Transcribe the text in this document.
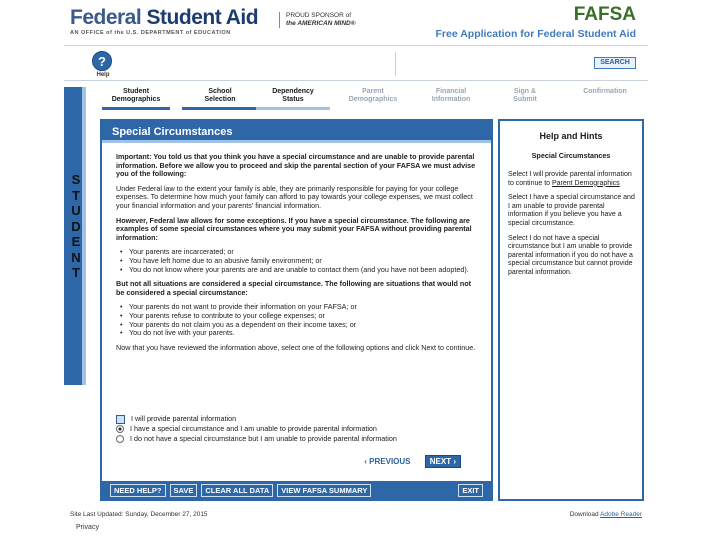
Federal Student Aid
AN OFFICE of the U.S. DEPARTMENT of EDUCATION
PROUD SPONSOR of
the AMERICAN MIND®	FAFSA
Free Application for Federal Student Aid
?
Help
SEARCH
Student
Demographics
School
Selection
Dependency
Status
Parent
Demographics
Financial
Information
Sign &
Submit
Confirmation
Special Circumstances

Important: You told us that you think you have a special circumstance and are unable to provide parental information. Before we allow you to proceed and skip the parental section of your FAFSA we must advise you of the following:

Under Federal law to the extent your family is able, they are primarily responsible for paying for your college expenses. To determine how much your family can afford to pay towards your college expenses, we must collect your financial information and your parents' financial information.

However, Federal law allows for some exceptions. If you have a special circumstance. The following are examples of some special circumstances where you may submit your FAFSA without providing parental information:

• Your parents are incarcerated; or
• You have left home due to an abusive family environment; or
• You do not know where your parents are and are unable to contact them (and you have not been adopted).

But not all situations are considered a special circumstance. The following are situations that would not be considered a special circumstance:

• Your parents do not want to provide their information on your FAFSA; or
• Your parents refuse to contribute to your college expenses; or
• Your parents do not claim you as a dependent on their income taxes; or
• You do not live with your parents.

Now that you have reviewed the information above, select one of the following options and click Next to continue.

I will provide parental information
I have a special circumstance and I am unable to provide parental information
I do not have a special circumstance but I am unable to provide parental information
‹ PREVIOUS NEXT ›
NEED HELP?	SAVE	CLEAR ALL DATA	VIEW FAFSA SUMMARY	EXIT
Help and Hints
Special Circumstances

Select I will provide parental information to continue to Parent Demographics

Select I have a special circumstance and I am unable to provide parental information if you believe you have a special circumstance.

Select I do not have a special circumstance but I am unable to provide parental information if you do not have a special circumstance but cannot provide parental information.

Site Last Updated: Sunday, December 27, 2015
Privacy
Download Adobe Reader
S
T
U
D
E
N
T
